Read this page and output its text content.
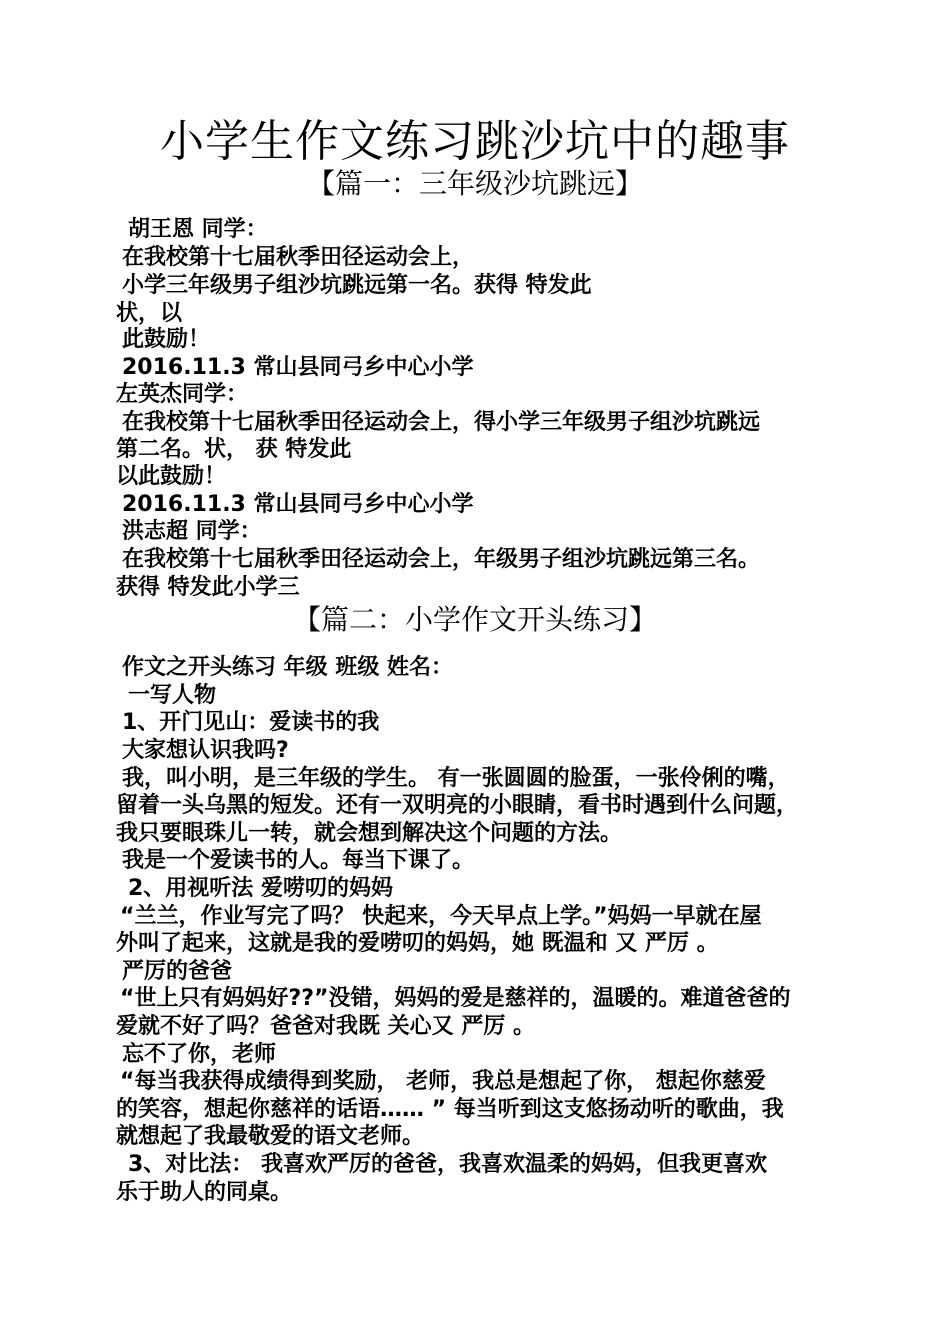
小学生作文练习跳沙坑中的趣事
【篇一：三年级沙坑跳远】
胡王恩 同学：
在我校第十七届秋季田径运动会上，
小学三年级男子组沙坑跳远第一名。获得 特发此
状，以
此鼓励！
2016.11.3 常山县同弓乡中心小学
左英杰同学：
在我校第十七届秋季田径运动会上，得小学三年级男子组沙坑跳远
第二名。状， 获 特发此
以此鼓励！
2016.11.3 常山县同弓乡中心小学
洪志超 同学：
在我校第十七届秋季田径运动会上，年级男子组沙坑跳远第三名。
获得 特发此小学三
【篇二：小学作文开头练习】
作文之开头练习 年级 班级 姓名：
一写人物
1、开门见山：爱读书的我
大家想认识我吗?
我，叫小明，是三年级的学生。 有一张圆圆的脸蛋，一张伶俐的嘴，
留着一头乌黑的短发。还有一双明亮的小眼睛，看书时遇到什么问题，
我只要眼珠儿一转，就会想到解决这个问题的方法。
我是一个爱读书的人。每当下课了。
2、用视听法 爱唠叨的妈妈
“兰兰，作业写完了吗？ 快起来，今天早点上学。”妈妈一早就在屋
外叫了起来，这就是我的爱唠叨的妈妈，她 既温和 又 严厉 。
严厉的爸爸
“世上只有妈妈好??”没错，妈妈的爱是慈祥的，温暖的。难道爸爸的
爱就不好了吗？爸爸对我既 关心又 严厉 。
忘不了你，老师
“每当我获得成绩得到奖励， 老师，我总是想起了你， 想起你慈爱
的笑容，想起你慈祥的话语…… ” 每当听到这支悠扬动听的歌曲，我
就想起了我最敬爱的语文老师。
3、对比法： 我喜欢严厉的爸爸，我喜欢温柔的妈妈，但我更喜欢
乐于助人的同桌。
